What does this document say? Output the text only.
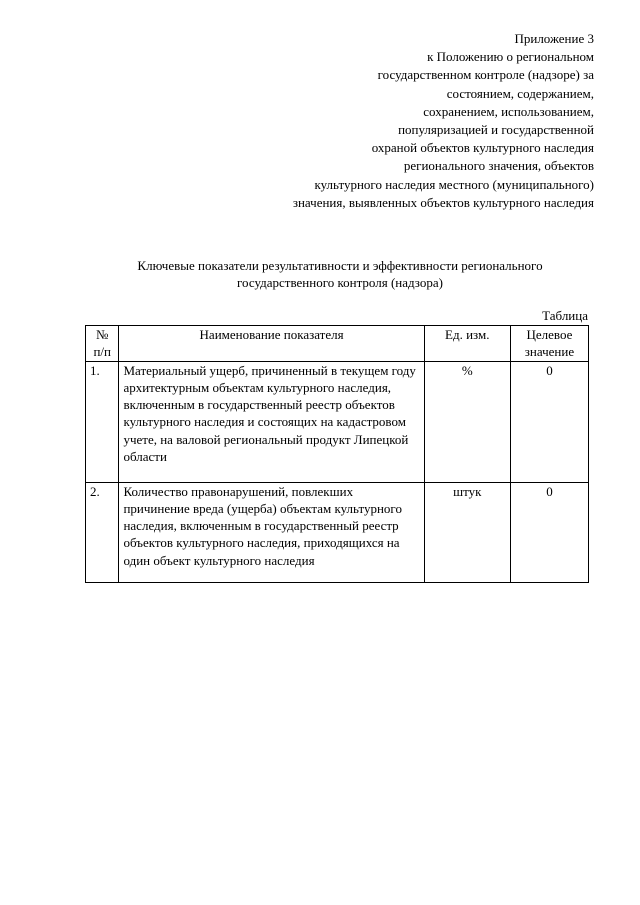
Приложение 3
к Положению о региональном
государственном контроле (надзоре) за
состоянием, содержанием,
сохранением, использованием,
популяризацией и государственной
охраной объектов культурного наследия
регионального значения, объектов
культурного наследия местного (муниципального)
значения, выявленных объектов культурного наследия
Ключевые показатели результативности и эффективности регионального
государственного контроля (надзора)
Таблица
№ п/п	Наименование показателя	Ед. изм.	Целевое значение
1.	Материальный ущерб, причиненный в текущем году архитектурным объектам культурного наследия, включенным в государственный реестр объектов культурного наследия и состоящих на кадастровом учете, на валовой региональный продукт Липецкой области	%	0
2.	Количество правонарушений, повлекших причинение вреда (ущерба) объектам культурного наследия, включенным в государственный реестр объектов культурного наследия, приходящихся на один объект культурного наследия	штук	0
